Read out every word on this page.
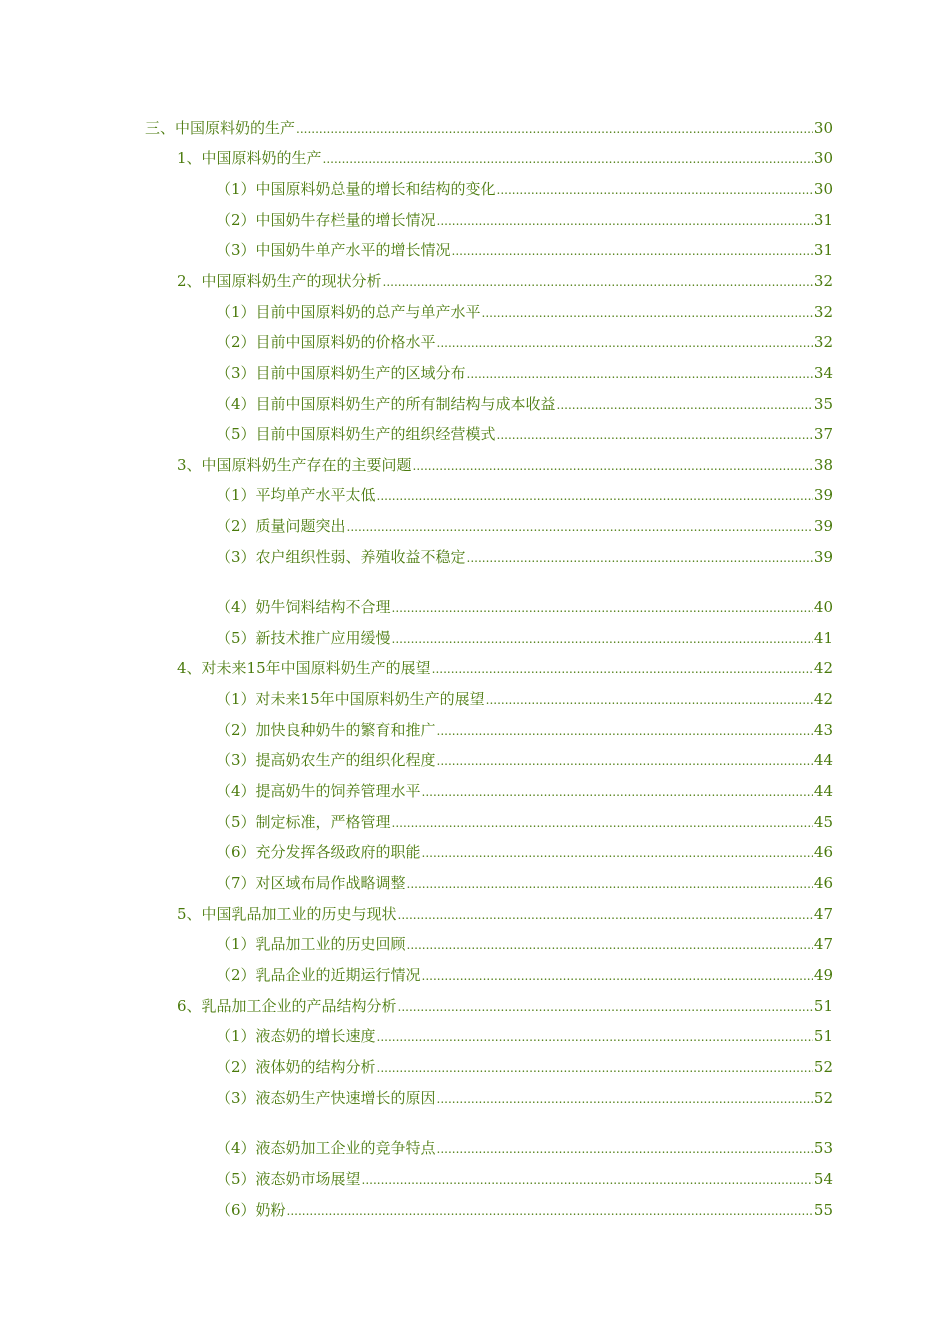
三、中国原料奶的生产 .....	30
1、中国原料奶的生产 .....	30
（1）中国原料奶总量的增长和结构的变化 .....	30
（2）中国奶牛存栏量的增长情况 .....	31
（3）中国奶牛单产水平的增长情况 .....	31
2、中国原料奶生产的现状分析 .....	32
（1）目前中国原料奶的总产与单产水平 .....	32
（2）目前中国原料奶的价格水平 .....	32
（3）目前中国原料奶生产的区域分布 .....	34
（4）目前中国原料奶生产的所有制结构与成本收益 .....	35
（5）目前中国原料奶生产的组织经营模式 .....	37
3、中国原料奶生产存在的主要问题 .....	38
（1）平均单产水平太低 .....	39
（2）质量问题突出 .....	39
（3）农户组织性弱、养殖收益不稳定 .....	39
（4）奶牛饲料结构不合理 .....	40
（5）新技术推广应用缓慢 .....	41
4、对未来15年中国原料奶生产的展望 .....	42
（1）对未来15年中国原料奶生产的展望 .....	42
（2）加快良种奶牛的繁育和推广 .....	43
（3）提高奶农生产的组织化程度 .....	44
（4）提高奶牛的饲养管理水平 .....	44
（5）制定标准，严格管理 .....	45
（6）充分发挥各级政府的职能 .....	46
（7）对区域布局作战略调整 .....	46
5、中国乳品加工业的历史与现状 .....	47
（1）乳品加工业的历史回顾 .....	47
（2）乳品企业的近期运行情况 .....	49
6、乳品加工企业的产品结构分析 .....	51
（1）液态奶的增长速度 .....	51
（2）液体奶的结构分析 .....	52
（3）液态奶生产快速增长的原因 .....	52
（4）液态奶加工企业的竞争特点 .....	53
（5）液态奶市场展望 .....	54
（6）奶粉 .....	55
